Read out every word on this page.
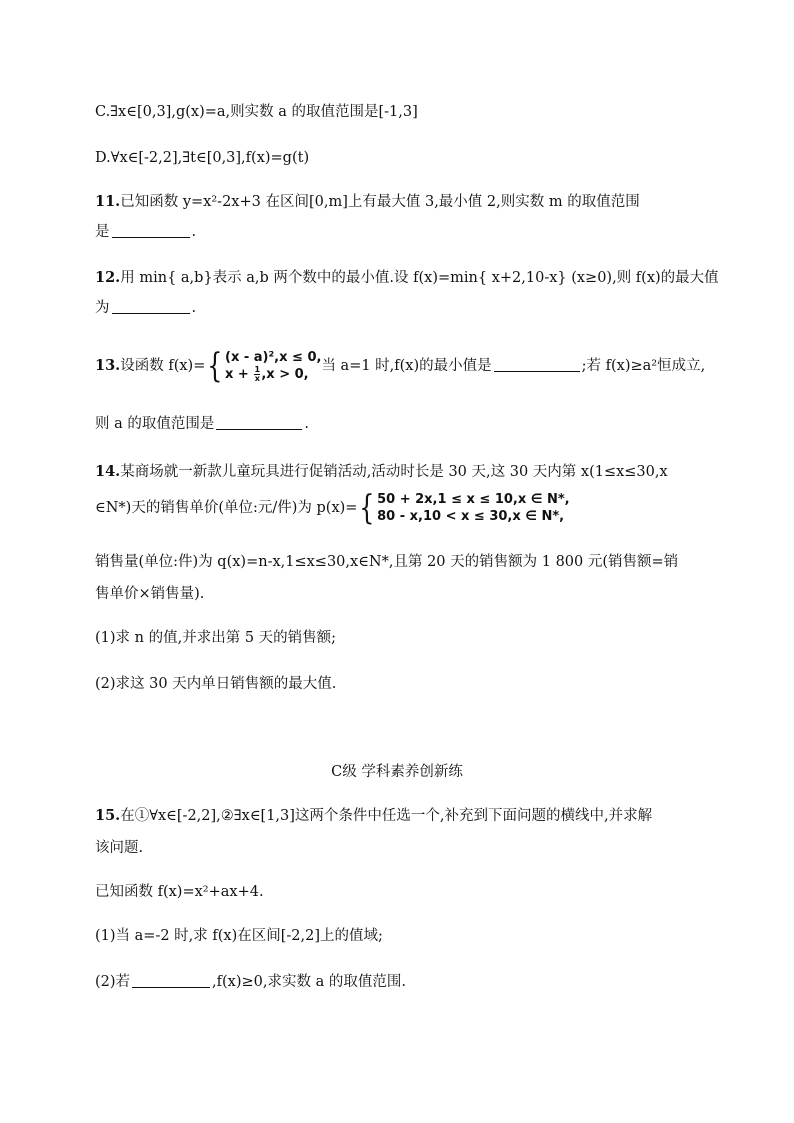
C.∃x∈[0,3],g(x)=a,则实数 a 的取值范围是[-1,3]
D.∀x∈[-2,2],∃t∈[0,3],f(x)=g(t)
11.已知函数 y=x²-2x+3 在区间[0,m]上有最大值 3,最小值 2,则实数 m 的取值范围
是	.
12.用 min{ a,b}表示 a,b 两个数中的最小值.设 f(x)=min{ x+2,10-x} (x≥0),则 f(x)的最大值
为	.
13.设函数 f(x)={ (x - a)²,x ≤ 0,
$x + \frac{1}{x} ,x > 0$,
当 a=1 时,f(x)的最小值是	;若 f(x)≥a²恒成立,
则 a 的取值范围是	.
14.某商场就一新款儿童玩具进行促销活动,活动时长是 30 天,这 30 天内第 x(1≤x≤30,x
∈N*)天的销售单价(单位:元/件)为 p(x)={ 50 + 2x,1 ≤ x ≤ 10,x ∈ N*,
80 - x,10 < x ≤ 30,x ∈ N*,
销售量(单位:件)为 q(x)=n-x,1≤x≤30,x∈N*,且第 20 天的销售额为 1 800 元(销售额=销
售单价×销售量).
(1)求 n 的值,并求出第 5 天的销售额;
(2)求这 30 天内单日销售额的最大值.
C级 学科素养创新练
15.在①∀x∈[-2,2],②∃x∈[1,3]这两个条件中任选一个,补充到下面问题的横线中,并求解
该问题.
已知函数 f(x)=x²+ax+4.
(1)当 a=-2 时,求 f(x)在区间[-2,2]上的值域;
(2)若	,f(x)≥0,求实数 a 的取值范围.
